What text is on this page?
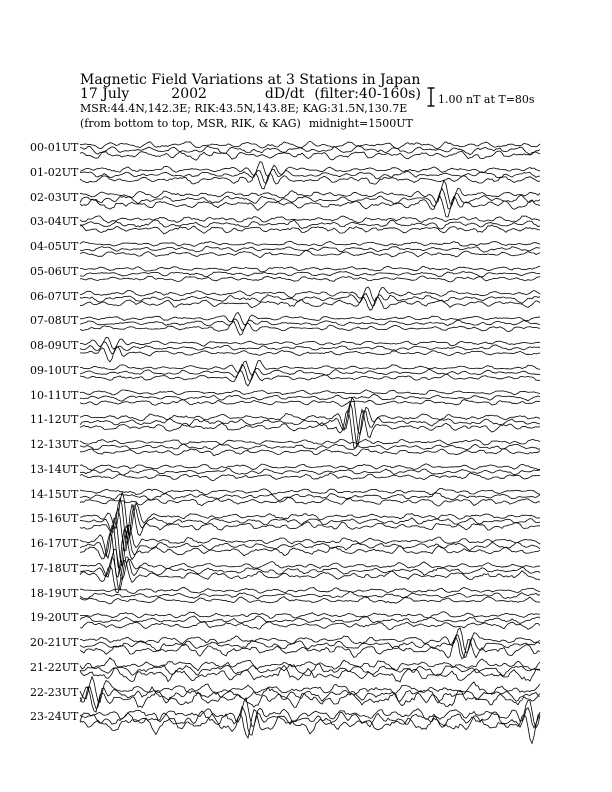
Magnetic Field Variations at 3 Stations in Japan
17 July	2002	dD/dt (filter:40-160s)
MSR:44.4N,142.3E; RIK:43.5N,143.8E; KAG:31.5N,130.7E
(from bottom to top, MSR, RIK, & KAG) midnight=1500UT
1.00 nT at T=80s
00-01UT
01-02UT
02-03UT
03-04UT
04-05UT
05-06UT
06-07UT
07-08UT
08-09UT
09-10UT
10-11UT
11-12UT
12-13UT
13-14UT
14-15UT
15-16UT
16-17UT
17-18UT
18-19UT
19-20UT
20-21UT
21-22UT
22-23UT
23-24UT
